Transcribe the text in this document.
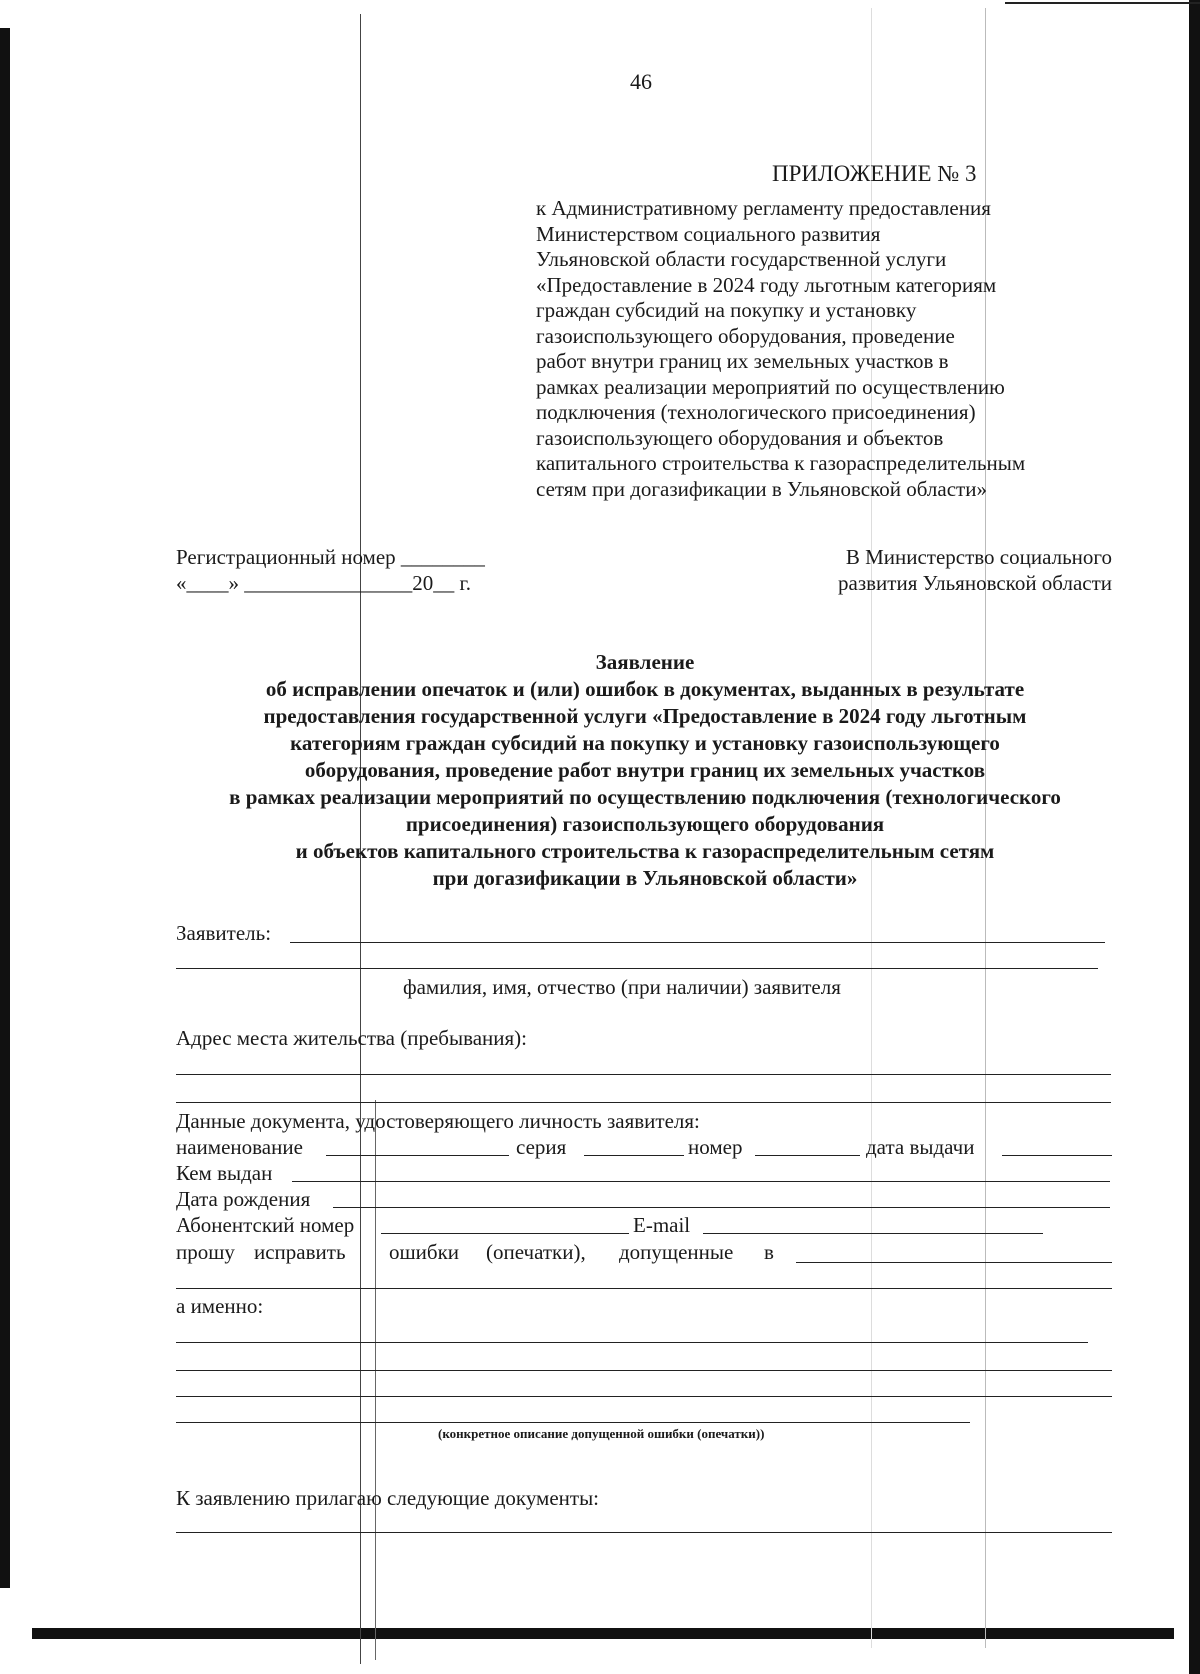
46
ПРИЛОЖЕНИЕ № 3
к Административному регламенту предоставления
Министерством социального развития
Ульяновской области государственной услуги
«Предоставление в 2024 году льготным категориям
граждан субсидий на покупку и установку
газоиспользующего оборудования, проведение
работ внутри границ их земельных участков в
рамках реализации мероприятий по осуществлению
подключения (технологического присоединения)
газоиспользующего оборудования и объектов
капитального строительства к газораспределительным
сетям при догазификации в Ульяновской области»
Регистрационный номер ________
«____» ________________20__ г.
В Министерство социального
развития Ульяновской области
Заявление
об исправлении опечаток и (или) ошибок в документах, выданных в результате
предоставления государственной услуги «Предоставление в 2024 году льготным
категориям граждан субсидий на покупку и установку газоиспользующего
оборудования, проведение работ внутри границ их земельных участков
в рамках реализации мероприятий по осуществлению подключения (технологического
присоединения) газоиспользующего оборудования
и объектов капитального строительства к газораспределительным сетям
при догазификации в Ульяновской области»
Заявитель:
фамилия, имя, отчество (при наличии) заявителя
Адрес места жительства (пребывания):
Данные документа, удостоверяющего личность заявителя:
наименование	серия	номер	дата выдачи
Кем выдан
Дата рождения
Абонентский номер	E-mail
прошу исправить ошибки (опечатки), допущенные в
а именно:
(конкретное описание допущенной ошибки (опечатки))
К заявлению прилагаю следующие документы:
